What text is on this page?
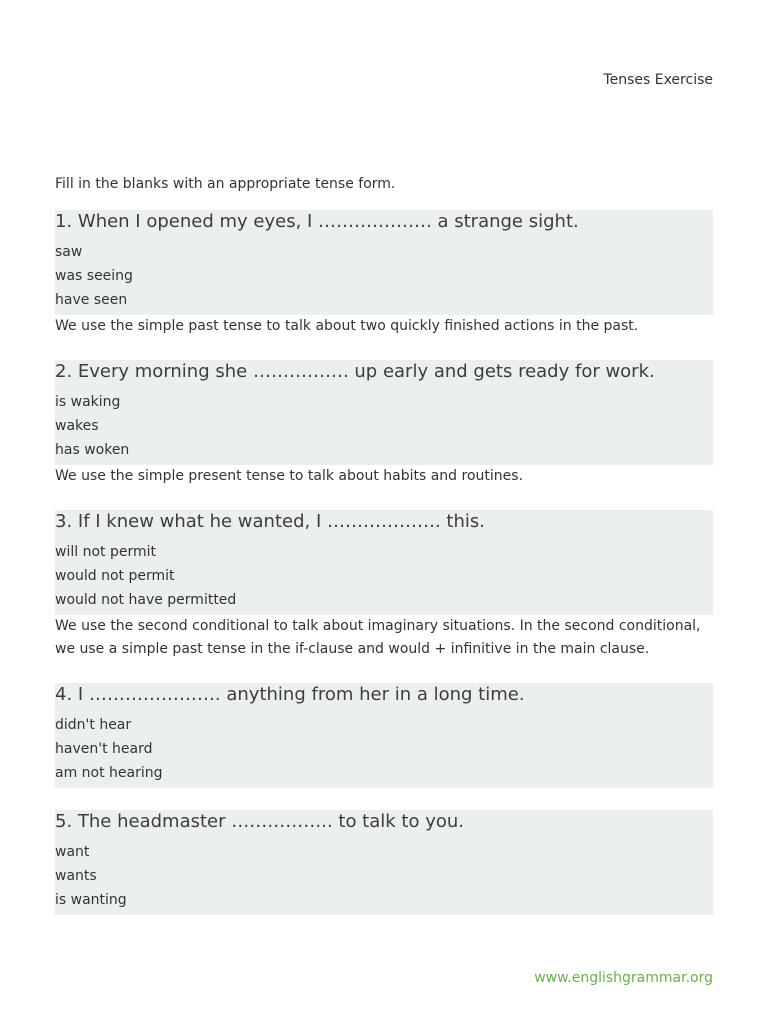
Tenses Exercise

Fill in the blanks with an appropriate tense form.

1. When I opened my eyes, I ………………. a strange sight.

saw
was seeing
have seen

We use the simple past tense to talk about two quickly finished actions in the past.

2. Every morning she ……………. up early and gets ready for work.

is waking
wakes
has woken

We use the simple present tense to talk about habits and routines.

3. If I knew what he wanted, I ………………. this.

will not permit
would not permit
would not have permitted

We use the second conditional to talk about imaginary situations. In the second conditional, we use a simple past tense in the if-clause and would + infinitive in the main clause.

4. I …………………. anything from her in a long time.

didn't hear
haven't heard
am not hearing

5. The headmaster …………….. to talk to you.

want
wants
is wanting
www.englishgrammar.org
